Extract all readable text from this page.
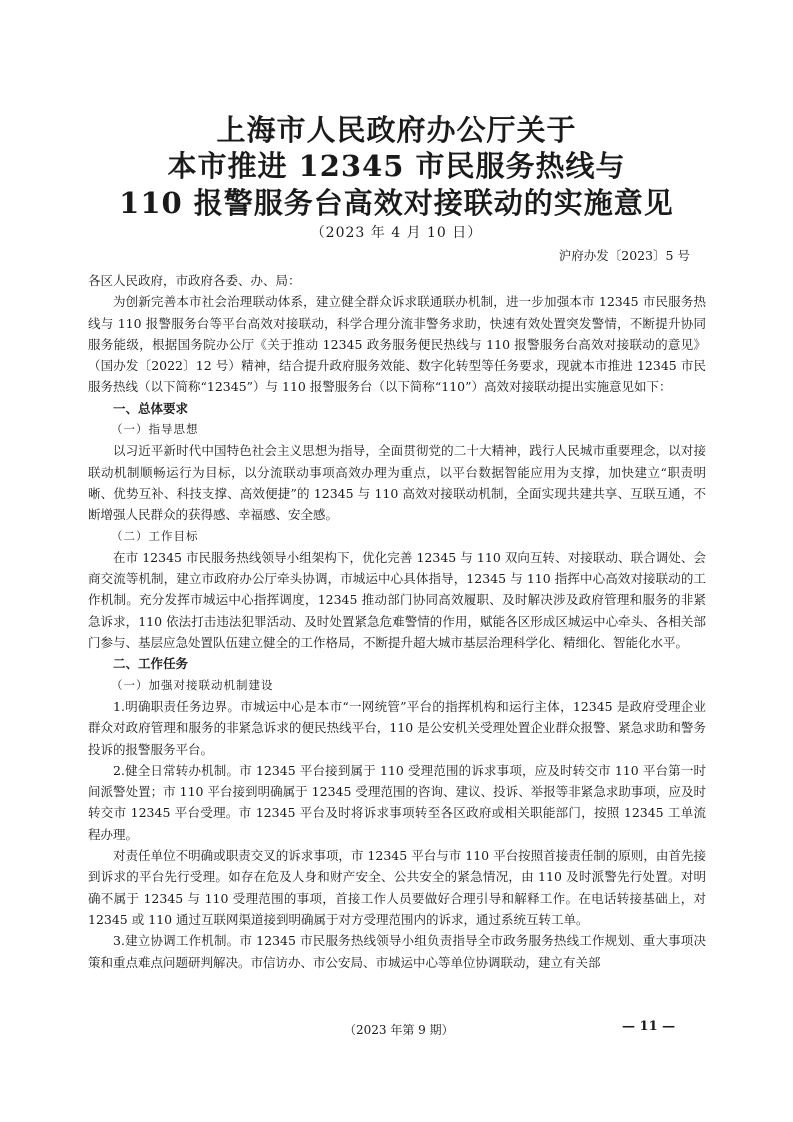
上海市人民政府办公厅关于
本市推进 12345 市民服务热线与
110 报警服务台高效对接联动的实施意见
（2023 年 4 月 10 日）
沪府办发〔2023〕5 号

各区人民政府，市政府各委、办、局：

为创新完善本市社会治理联动体系，建立健全群众诉求联通联办机制，进一步加强本市 12345 市民服务热线与 110 报警服务台等平台高效对接联动，科学合理分流非警务求助，快速有效处置突发警情，不断提升协同服务能级，根据国务院办公厅《关于推动 12345 政务服务便民热线与 110 报警服务台高效对接联动的意见》（国办发〔2022〕12 号）精神，结合提升政府服务效能、数字化转型等任务要求，现就本市推进 12345 市民服务热线（以下简称“12345”）与 110 报警服务台（以下简称“110”）高效对接联动提出实施意见如下：

一、总体要求

（一）指导思想

以习近平新时代中国特色社会主义思想为指导，全面贯彻党的二十大精神，践行人民城市重要理念，以对接联动机制顺畅运行为目标，以分流联动事项高效办理为重点，以平台数据智能应用为支撑，加快建立“职责明晰、优势互补、科技支撑、高效便捷”的 12345 与 110 高效对接联动机制，全面实现共建共享、互联互通，不断增强人民群众的获得感、幸福感、安全感。

（二）工作目标

在市 12345 市民服务热线领导小组架构下，优化完善 12345 与 110 双向互转、对接联动、联合调处、会商交流等机制，建立市政府办公厅牵头协调，市城运中心具体指导，12345 与 110 指挥中心高效对接联动的工作机制。充分发挥市城运中心指挥调度，12345 推动部门协同高效履职、及时解决涉及政府管理和服务的非紧急诉求，110 依法打击违法犯罪活动、及时处置紧急危难警情的作用，赋能各区形成区城运中心牵头、各相关部门参与、基层应急处置队伍建立健全的工作格局，不断提升超大城市基层治理科学化、精细化、智能化水平。

二、工作任务

（一）加强对接联动机制建设

1.明确职责任务边界。市城运中心是本市“一网统管”平台的指挥机构和运行主体，12345 是政府受理企业群众对政府管理和服务的非紧急诉求的便民热线平台，110 是公安机关受理处置企业群众报警、紧急求助和警务投诉的报警服务平台。

2.健全日常转办机制。市 12345 平台接到属于 110 受理范围的诉求事项，应及时转交市 110 平台第一时间派警处置；市 110 平台接到明确属于 12345 受理范围的咨询、建议、投诉、举报等非紧急求助事项，应及时转交市 12345 平台受理。市 12345 平台及时将诉求事项转至各区政府或相关职能部门，按照 12345 工单流程办理。

对责任单位不明确或职责交叉的诉求事项，市 12345 平台与市 110 平台按照首接责任制的原则，由首先接到诉求的平台先行受理。如存在危及人身和财产安全、公共安全的紧急情况，由 110 及时派警先行处置。对明确不属于 12345 与 110 受理范围的事项，首接工作人员要做好合理引导和解释工作。在电话转接基础上，对 12345 或 110 通过互联网渠道接到明确属于对方受理范围内的诉求，通过系统互转工单。

3.建立协调工作机制。市 12345 市民服务热线领导小组负责指导全市政务服务热线工作规划、重大事项决策和重点难点问题研判解决。市信访办、市公安局、市城运中心等单位协调联动，建立有关部

（2023 年第 9 期）	— 11 —
